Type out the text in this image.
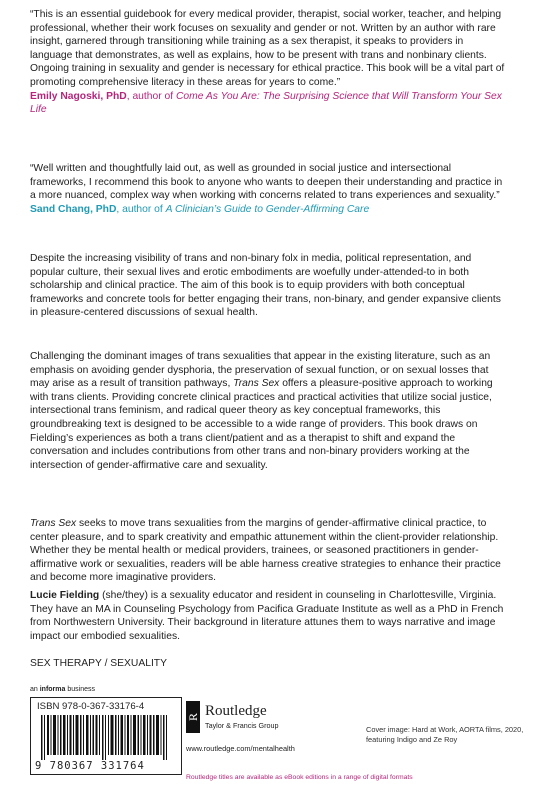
“This is an essential guidebook for every medical provider, therapist, social worker, teacher, and helping professional, whether their work focuses on sexuality and gender or not. Written by an author with rare insight, garnered through transitioning while training as a sex therapist, it speaks to providers in language that demonstrates, as well as explains, how to be present with trans and nonbinary clients. Ongoing training in sexuality and gender is necessary for ethical practice. This book will be a vital part of promoting comprehensive literacy in these areas for years to come.”

Emily Nagoski, PhD, author of Come As You Are: The Surprising Science that Will Transform Your Sex Life

“Well written and thoughtfully laid out, as well as grounded in social justice and intersectional frameworks, I recommend this book to anyone who wants to deepen their understanding and practice in a more nuanced, complex way when working with concerns related to trans experiences and sexuality.”

Sand Chang, PhD, author of A Clinician’s Guide to Gender-Affirming Care

Despite the increasing visibility of trans and non-binary folx in media, political representation, and popular culture, their sexual lives and erotic embodiments are woefully under-attended-to in both scholarship and clinical practice. The aim of this book is to equip providers with both conceptual frameworks and concrete tools for better engaging their trans, non-binary, and gender expansive clients in pleasure-centered discussions of sexual health.

Challenging the dominant images of trans sexualities that appear in the existing literature, such as an emphasis on avoiding gender dysphoria, the preservation of sexual function, or on sexual losses that may arise as a result of transition pathways, Trans Sex offers a pleasure-positive approach to working with trans clients. Providing concrete clinical practices and practical activities that utilize social justice, intersectional trans feminism, and radical queer theory as key conceptual frameworks, this groundbreaking text is designed to be accessible to a wide range of providers. This book draws on Fielding’s experiences as both a trans client/patient and as a therapist to shift and expand the conversation and includes contributions from other trans and non-binary providers working at the intersection of gender-affirmative care and sexuality.

Trans Sex seeks to move trans sexualities from the margins of gender-affirmative clinical practice, to center pleasure, and to spark creativity and empathic attunement within the client-provider relationship. Whether they be mental health or medical providers, trainees, or seasoned practitioners in gender-affirmative work or sexualities, readers will be able harness creative strategies to enhance their practice and become more imaginative providers.

Lucie Fielding (she/they) is a sexuality educator and resident in counseling in Charlottesville, Virginia. They have an MA in Counseling Psychology from Pacifica Graduate Institute as well as a PhD in French from Northwestern University. Their background in literature attunes them to ways narrative and image impact our embodied sexualities.

SEX THERAPY / SEXUALITY

an informa business
ISBN 978-0-367-33176-4
9 780367 331764
R Routledge
Taylor & Francis Group
www.routledge.com/mentalhealth
Cover image: Hard at Work, AORTA films, 2020, featuring Indigo and Ze Roy
Routledge titles are available as eBook editions in a range of digital formats
